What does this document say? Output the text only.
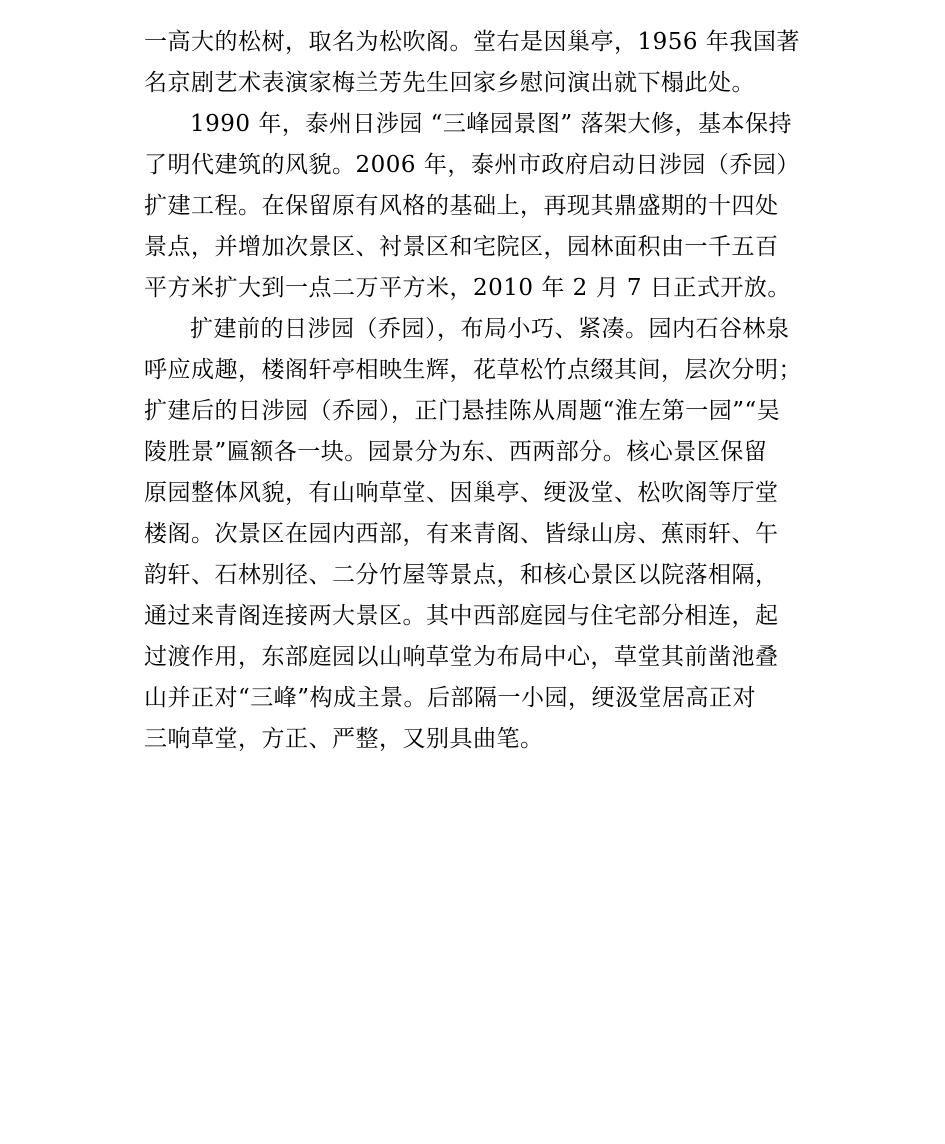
一高大的松树，取名为松吹阁。堂右是因巢亭，1956 年我国著
名京剧艺术表演家梅兰芳先生回家乡慰问演出就下榻此处。
1990 年，泰州日涉园 “三峰园景图” 落架大修，基本保持
了明代建筑的风貌。2006 年，泰州市政府启动日涉园（乔园）
扩建工程。在保留原有风格的基础上，再现其鼎盛期的十四处
景点，并增加次景区、衬景区和宅院区，园林面积由一千五百
平方米扩大到一点二万平方米，2010 年 2 月 7 日正式开放。
扩建前的日涉园（乔园），布局小巧、紧凑。园内石谷林泉
呼应成趣，楼阁轩亭相映生辉，花草松竹点缀其间，层次分明；
扩建后的日涉园（乔园），正门悬挂陈从周题“淮左第一园”“吴
陵胜景”匾额各一块。园景分为东、西两部分。核心景区保留
原园整体风貌，有山响草堂、因巢亭、绠汲堂、松吹阁等厅堂
楼阁。次景区在园内西部，有来青阁、皆绿山房、蕉雨轩、午
韵轩、石林别径、二分竹屋等景点，和核心景区以院落相隔，
通过来青阁连接两大景区。其中西部庭园与住宅部分相连，起
过渡作用，东部庭园以山响草堂为布局中心，草堂其前凿池叠
山并正对“三峰”构成主景。后部隔一小园，绠汲堂居高正对
三响草堂，方正、严整，又别具曲笔。
